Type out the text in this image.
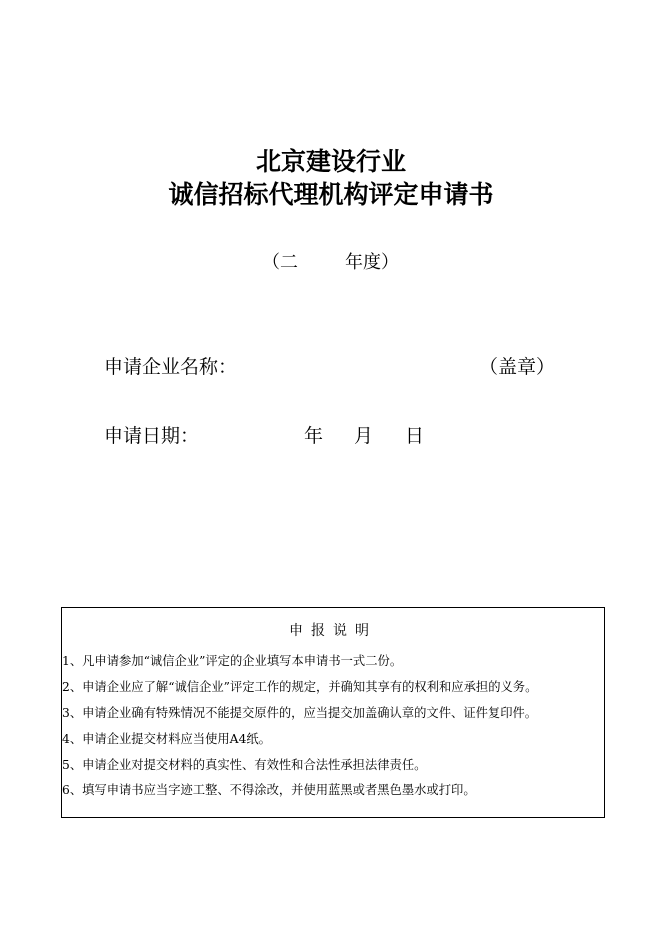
北京建设行业
诚信招标代理机构评定申请书
（二	年度）
申请企业名称：	（盖章）
申请日期：	年 月 日
申报说明
1、凡申请参加“诚信企业”评定的企业填写本申请书一式二份。
2、申请企业应了解“诚信企业”评定工作的规定，并确知其享有的权利和应承担的义务。
3、申请企业确有特殊情况不能提交原件的，应当提交加盖确认章的文件、证件复印件。
4、申请企业提交材料应当使用A4纸。
5、申请企业对提交材料的真实性、有效性和合法性承担法律责任。
6、填写申请书应当字迹工整、不得涂改，并使用蓝黑或者黑色墨水或打印。
